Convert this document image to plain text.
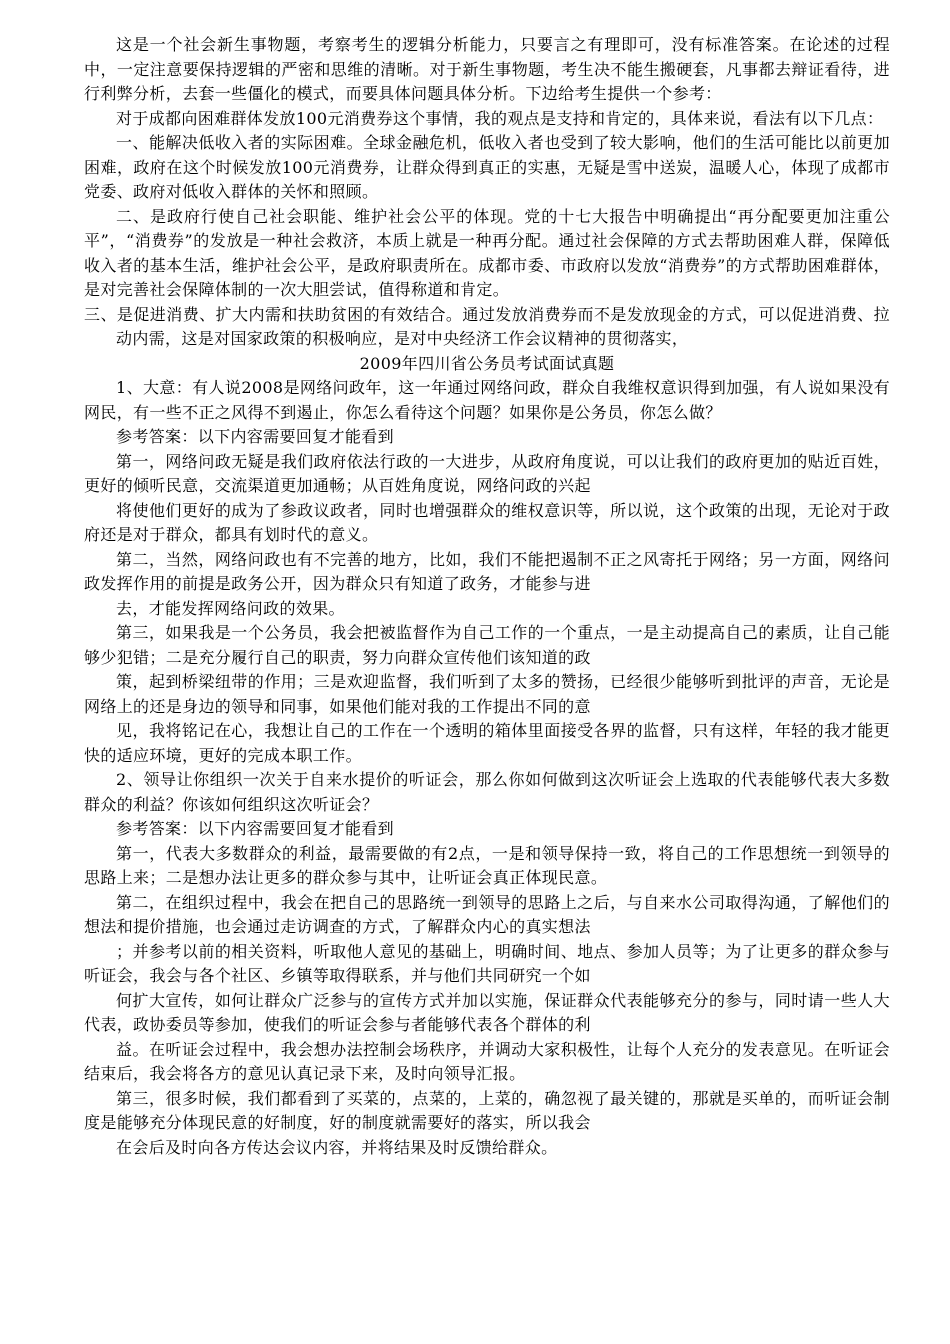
这是一个社会新生事物题，考察考生的逻辑分析能力，只要言之有理即可，没有标准答案。在论述的过程中，一定注意要保持逻辑的严密和思维的清晰。对于新生事物题，考生决不能生搬硬套，凡事都去辩证看待，进行利弊分析，去套一些僵化的模式，而要具体问题具体分析。下边给考生提供一个参考：

对于成都向困难群体发放100元消费券这个事情，我的观点是支持和肯定的，具体来说，看法有以下几点：

一、能解决低收入者的实际困难。全球金融危机，低收入者也受到了较大影响，他们的生活可能比以前更加困难，政府在这个时候发放100元消费券，让群众得到真正的实惠，无疑是雪中送炭，温暖人心，体现了成都市党委、政府对低收入群体的关怀和照顾。

二、是政府行使自己社会职能、维护社会公平的体现。党的十七大报告中明确提出“再分配要更加注重公平”，“消费券”的发放是一种社会救济，本质上就是一种再分配。通过社会保障的方式去帮助困难人群，保障低收入者的基本生活，维护社会公平，是政府职责所在。成都市委、市政府以发放“消费券”的方式帮助困难群体，是对完善社会保障体制的一次大胆尝试，值得称道和肯定。

三、是促进消费、扩大内需和扶助贫困的有效结合。通过发放消费券而不是发放现金的方式，可以促进消费、拉动内需，这是对国家政策的积极响应，是对中央经济工作会议精神的贯彻落实，

2009年四川省公务员考试面试真题

1、大意：有人说2008是网络问政年，这一年通过网络问政，群众自我维权意识得到加强，有人说如果没有网民，有一些不正之风得不到遏止，你怎么看待这个问题？如果你是公务员，你怎么做？

参考答案：以下内容需要回复才能看到

第一，网络问政无疑是我们政府依法行政的一大进步，从政府角度说，可以让我们的政府更加的贴近百姓，更好的倾听民意，交流渠道更加通畅；从百姓角度说，网络问政的兴起

将使他们更好的成为了参政议政者，同时也增强群众的维权意识等，所以说，这个政策的出现，无论对于政府还是对于群众，都具有划时代的意义。

第二，当然，网络问政也有不完善的地方，比如，我们不能把遏制不正之风寄托于网络；另一方面，网络问政发挥作用的前提是政务公开，因为群众只有知道了政务，才能参与进

去，才能发挥网络问政的效果。

第三，如果我是一个公务员，我会把被监督作为自己工作的一个重点，一是主动提高自己的素质，让自己能够少犯错；二是充分履行自己的职责，努力向群众宣传他们该知道的政

策，起到桥梁纽带的作用；三是欢迎监督，我们听到了太多的赞扬，已经很少能够听到批评的声音，无论是网络上的还是身边的领导和同事，如果他们能对我的工作提出不同的意

见，我将铭记在心，我想让自己的工作在一个透明的箱体里面接受各界的监督，只有这样，年轻的我才能更快的适应环境，更好的完成本职工作。

2、领导让你组织一次关于自来水提价的听证会，那么你如何做到这次听证会上选取的代表能够代表大多数群众的利益？你该如何组织这次听证会？

参考答案：以下内容需要回复才能看到

第一，代表大多数群众的利益，最需要做的有2点，一是和领导保持一致，将自己的工作思想统一到领导的思路上来；二是想办法让更多的群众参与其中，让听证会真正体现民意。

第二，在组织过程中，我会在把自己的思路统一到领导的思路上之后，与自来水公司取得沟通，了解他们的想法和提价措施，也会通过走访调查的方式，了解群众内心的真实想法

；并参考以前的相关资料，听取他人意见的基础上，明确时间、地点、参加人员等；为了让更多的群众参与听证会，我会与各个社区、乡镇等取得联系，并与他们共同研究一个如

何扩大宣传，如何让群众广泛参与的宣传方式并加以实施，保证群众代表能够充分的参与，同时请一些人大代表，政协委员等参加，使我们的听证会参与者能够代表各个群体的利

益。在听证会过程中，我会想办法控制会场秩序，并调动大家积极性，让每个人充分的发表意见。在听证会结束后，我会将各方的意见认真记录下来，及时向领导汇报。

第三，很多时候，我们都看到了买菜的，点菜的，上菜的，确忽视了最关键的，那就是买单的，而听证会制度是能够充分体现民意的好制度，好的制度就需要好的落实，所以我会

在会后及时向各方传达会议内容，并将结果及时反馈给群众。
